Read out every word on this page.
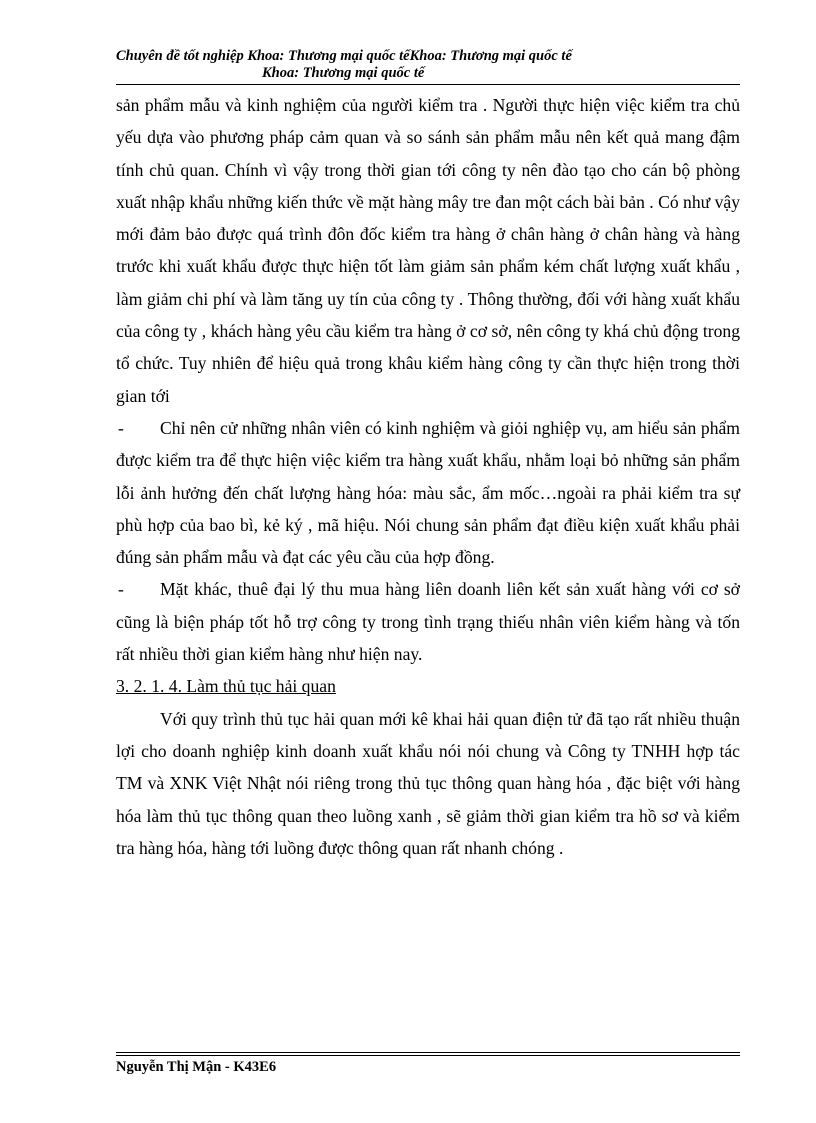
Chuyên đề tốt nghiệp Khoa: Thương mại quốc tếKhoa: Thương mại quốc tế
Khoa: Thương mại quốc tế

sản phẩm mẫu và kinh nghiệm của người kiểm tra . Người thực hiện việc kiểm tra chủ yếu dựa vào phương pháp cảm quan và so sánh sản phẩm mẫu nên kết quả mang đậm tính chủ quan. Chính vì vậy trong thời gian tới công ty nên đào tạo cho cán bộ phòng xuất nhập khẩu những kiến thức về mặt hàng mây tre đan một cách bài bản . Có như vậy mới đảm bảo được quá trình đôn đốc kiểm tra hàng ở chân hàng ở chân hàng và hàng trước khi xuất khẩu được thực hiện tốt làm giảm sản phẩm kém chất lượng xuất khẩu , làm giảm chi phí và làm tăng uy tín của công ty . Thông thường, đối với hàng xuất khẩu của công ty , khách hàng yêu cầu kiểm tra hàng ở cơ sở, nên công ty khá chủ động trong tổ chức. Tuy nhiên để hiệu quả trong khâu kiểm hàng công ty cần thực hiện trong thời gian tới

- Chỉ nên cử những nhân viên có kinh nghiệm và giỏi nghiệp vụ, am hiểu sản phẩm được kiểm tra để thực hiện việc kiểm tra hàng xuất khẩu, nhằm loại bỏ những sản phẩm lỗi ảnh hưởng đến chất lượng hàng hóa: màu sắc, ẩm mốc…ngoài ra phải kiểm tra sự phù hợp của bao bì, kẻ ký , mã hiệu. Nói chung sản phẩm đạt điều kiện xuất khẩu phải đúng sản phẩm mẫu và đạt các yêu cầu của hợp đồng.

- Mặt khác, thuê đại lý thu mua hàng liên doanh liên kết sản xuất hàng với cơ sở cũng là biện pháp tốt hỗ trợ công ty trong tình trạng thiếu nhân viên kiểm hàng và tốn rất nhiều thời gian kiểm hàng như hiện nay.

3. 2. 1. 4. Làm thủ tục hải quan

Với quy trình thủ tục hải quan mới kê khai hải quan điện tử đã tạo rất nhiều thuận lợi cho doanh nghiệp kinh doanh xuất khẩu nói nói chung và Công ty TNHH hợp tác TM và XNK Việt Nhật nói riêng trong thủ tục thông quan hàng hóa , đặc biệt với hàng hóa làm thủ tục thông quan theo luồng xanh , sẽ giảm thời gian kiểm tra hồ sơ và kiểm tra hàng hóa, hàng tới luồng được thông quan rất nhanh chóng .

Nguyễn Thị Mận - K43E6
